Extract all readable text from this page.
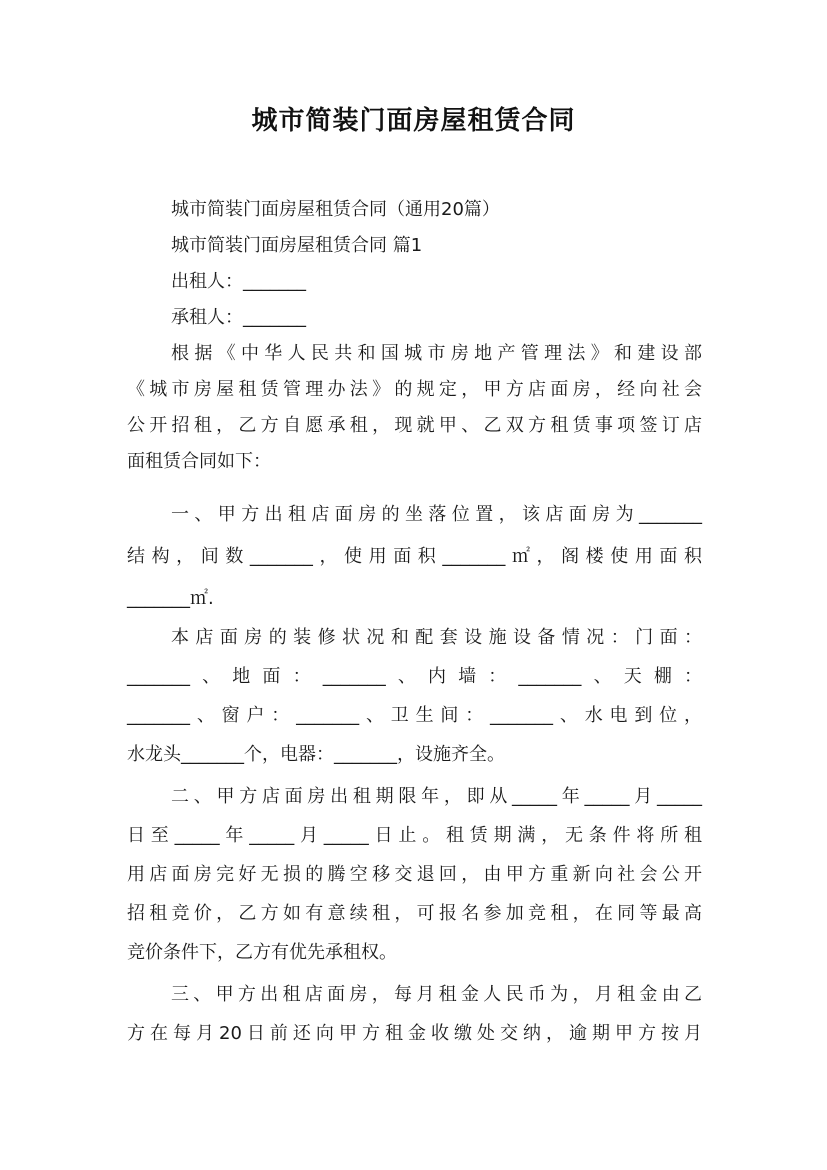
城市简装门面房屋租赁合同
城市简装门面房屋租赁合同（通用20篇）
城市简装门面房屋租赁合同 篇1
出租人：_______
承租人：_______
根据《中华人民共和国城市房地产管理法》和建设部
《城市房屋租赁管理办法》的规定，甲方店面房，经向社会
公开招租，乙方自愿承租，现就甲、乙双方租赁事项签订店
面租赁合同如下：
一、甲方出租店面房的坐落位置，该店面房为_______
结构，间数_______，使用面积_______㎡，阁楼使用面积
_______㎡.
本店面房的装修状况和配套设施设备情况：门面：
_______、地面：_______、内墙：_______、天棚：
_______、窗户：_______、卫生间：_______、水电到位，
水龙头_______个，电器：_______，设施齐全。
二、甲方店面房出租期限年，即从_____年_____月_____
日至_____年_____月_____日止。租赁期满，无条件将所租
用店面房完好无损的腾空移交退回，由甲方重新向社会公开
招租竞价，乙方如有意续租，可报名参加竞租，在同等最高
竞价条件下，乙方有优先承租权。
三、甲方出租店面房，每月租金人民币为，月租金由乙
方在每月20日前还向甲方租金收缴处交纳，逾期甲方按月
